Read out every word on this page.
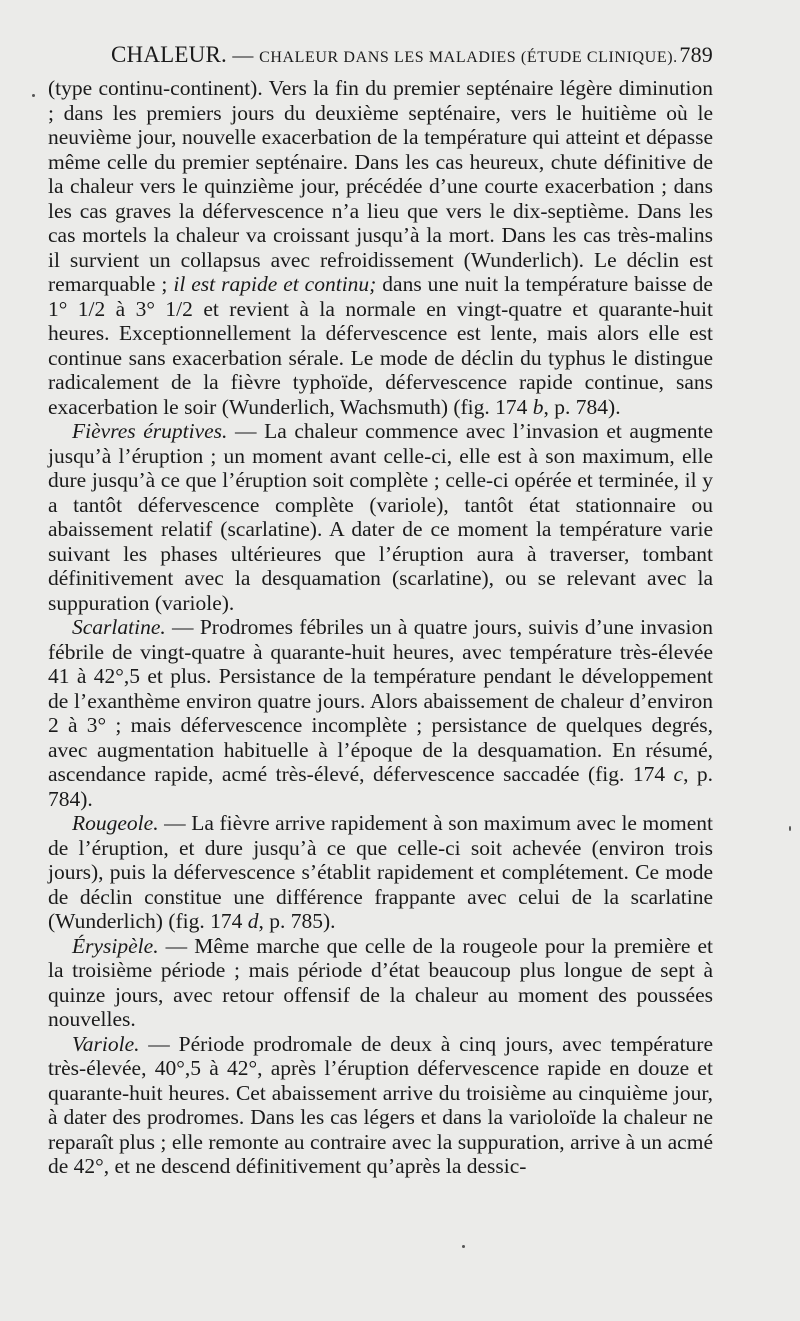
CHALEUR. — CHALEUR DANS LES MALADIES (ÉTUDE CLINIQUE). 789

(type continu-continent). Vers la fin du premier septénaire légère diminution ; dans les premiers jours du deuxième septénaire, vers le huitième où le neuvième jour, nouvelle exacerbation de la température qui atteint et dépasse même celle du premier septénaire. Dans les cas heureux, chute définitive de la chaleur vers le quinzième jour, précédée d’une courte exacerbation ; dans les cas graves la défervescence n’a lieu que vers le dix-septième. Dans les cas mortels la chaleur va croissant jusqu’à la mort. Dans les cas très-malins il survient un collapsus avec refroidissement (Wunderlich). Le déclin est remarquable ; il est rapide et continu; dans une nuit la température baisse de 1° 1/2 à 3° 1/2 et revient à la normale en vingt-quatre et quarante-huit heures. Exceptionnellement la défervescence est lente, mais alors elle est continue sans exacerbation sérale. Le mode de déclin du typhus le distingue radicalement de la fièvre typhoïde, défervescence rapide continue, sans exacerbation le soir (Wunderlich, Wachsmuth) (fig. 174 b, p. 784).

Fièvres éruptives. — La chaleur commence avec l’invasion et augmente jusqu’à l’éruption ; un moment avant celle-ci, elle est à son maximum, elle dure jusqu’à ce que l’éruption soit complète ; celle-ci opérée et terminée, il y a tantôt défervescence complète (variole), tantôt état stationnaire ou abaissement relatif (scarlatine). A dater de ce moment la température varie suivant les phases ultérieures que l’éruption aura à traverser, tombant définitivement avec la desquamation (scarlatine), ou se relevant avec la suppuration (variole).

Scarlatine. — Prodromes fébriles un à quatre jours, suivis d’une invasion fébrile de vingt-quatre à quarante-huit heures, avec température très-élevée 41 à 42°,5 et plus. Persistance de la température pendant le développement de l’exanthème environ quatre jours. Alors abaissement de chaleur d’environ 2 à 3° ; mais défervescence incomplète ; persistance de quelques degrés, avec augmentation habituelle à l’époque de la desquamation. En résumé, ascendance rapide, acmé très-élevé, défervescence saccadée (fig. 174 c, p. 784).

Rougeole. — La fièvre arrive rapidement à son maximum avec le moment de l’éruption, et dure jusqu’à ce que celle-ci soit achevée (environ trois jours), puis la défervescence s’établit rapidement et complétement. Ce mode de déclin constitue une différence frappante avec celui de la scarlatine (Wunderlich) (fig. 174 d, p. 785).

Érysipèle. — Même marche que celle de la rougeole pour la première et la troisième période ; mais période d’état beaucoup plus longue de sept à quinze jours, avec retour offensif de la chaleur au moment des poussées nouvelles.

Variole. — Période prodromale de deux à cinq jours, avec température très-élevée, 40°,5 à 42°, après l’éruption défervescence rapide en douze et quarante-huit heures. Cet abaissement arrive du troisième au cinquième jour, à dater des prodromes. Dans les cas légers et dans la varioloïde la chaleur ne reparaît plus ; elle remonte au contraire avec la suppuration, arrive à un acmé de 42°, et ne descend définitivement qu’après la dessic-
